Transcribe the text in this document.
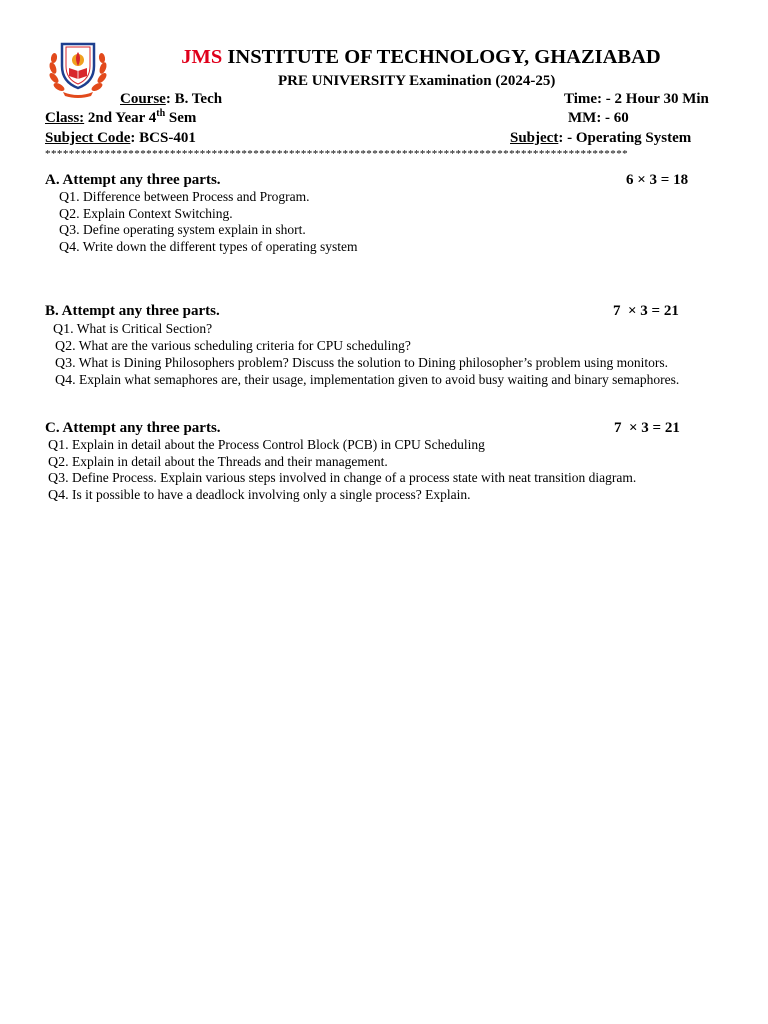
JMS INSTITUTE OF TECHNOLOGY, GHAZIABAD
PRE UNIVERSITY Examination (2024-25)
Course: B. Tech	Time: - 2 Hour 30 Min
Class: 2nd Year 4th Sem	MM: - 60
Subject Code: BCS-401	Subject: - Operating System
**************************************************************************************************
A. Attempt any three parts.	6 × 3 = 18
Q1. Difference between Process and Program.
Q2. Explain Context Switching.
Q3. Define operating system explain in short.
Q4. Write down the different types of operating system
B. Attempt any three parts.	7  × 3 = 21
Q1. What is Critical Section?
Q2. What are the various scheduling criteria for CPU scheduling?
Q3. What is Dining Philosophers problem? Discuss the solution to Dining philosopher’s problem using monitors.
Q4. Explain what semaphores are, their usage, implementation given to avoid busy waiting and binary semaphores.
C. Attempt any three parts.	7  × 3 = 21
Q1. Explain in detail about the Process Control Block (PCB) in CPU Scheduling
Q2. Explain in detail about the Threads and their management.
Q3. Define Process. Explain various steps involved in change of a process state with neat transition diagram.
Q4. Is it possible to have a deadlock involving only a single process? Explain.
